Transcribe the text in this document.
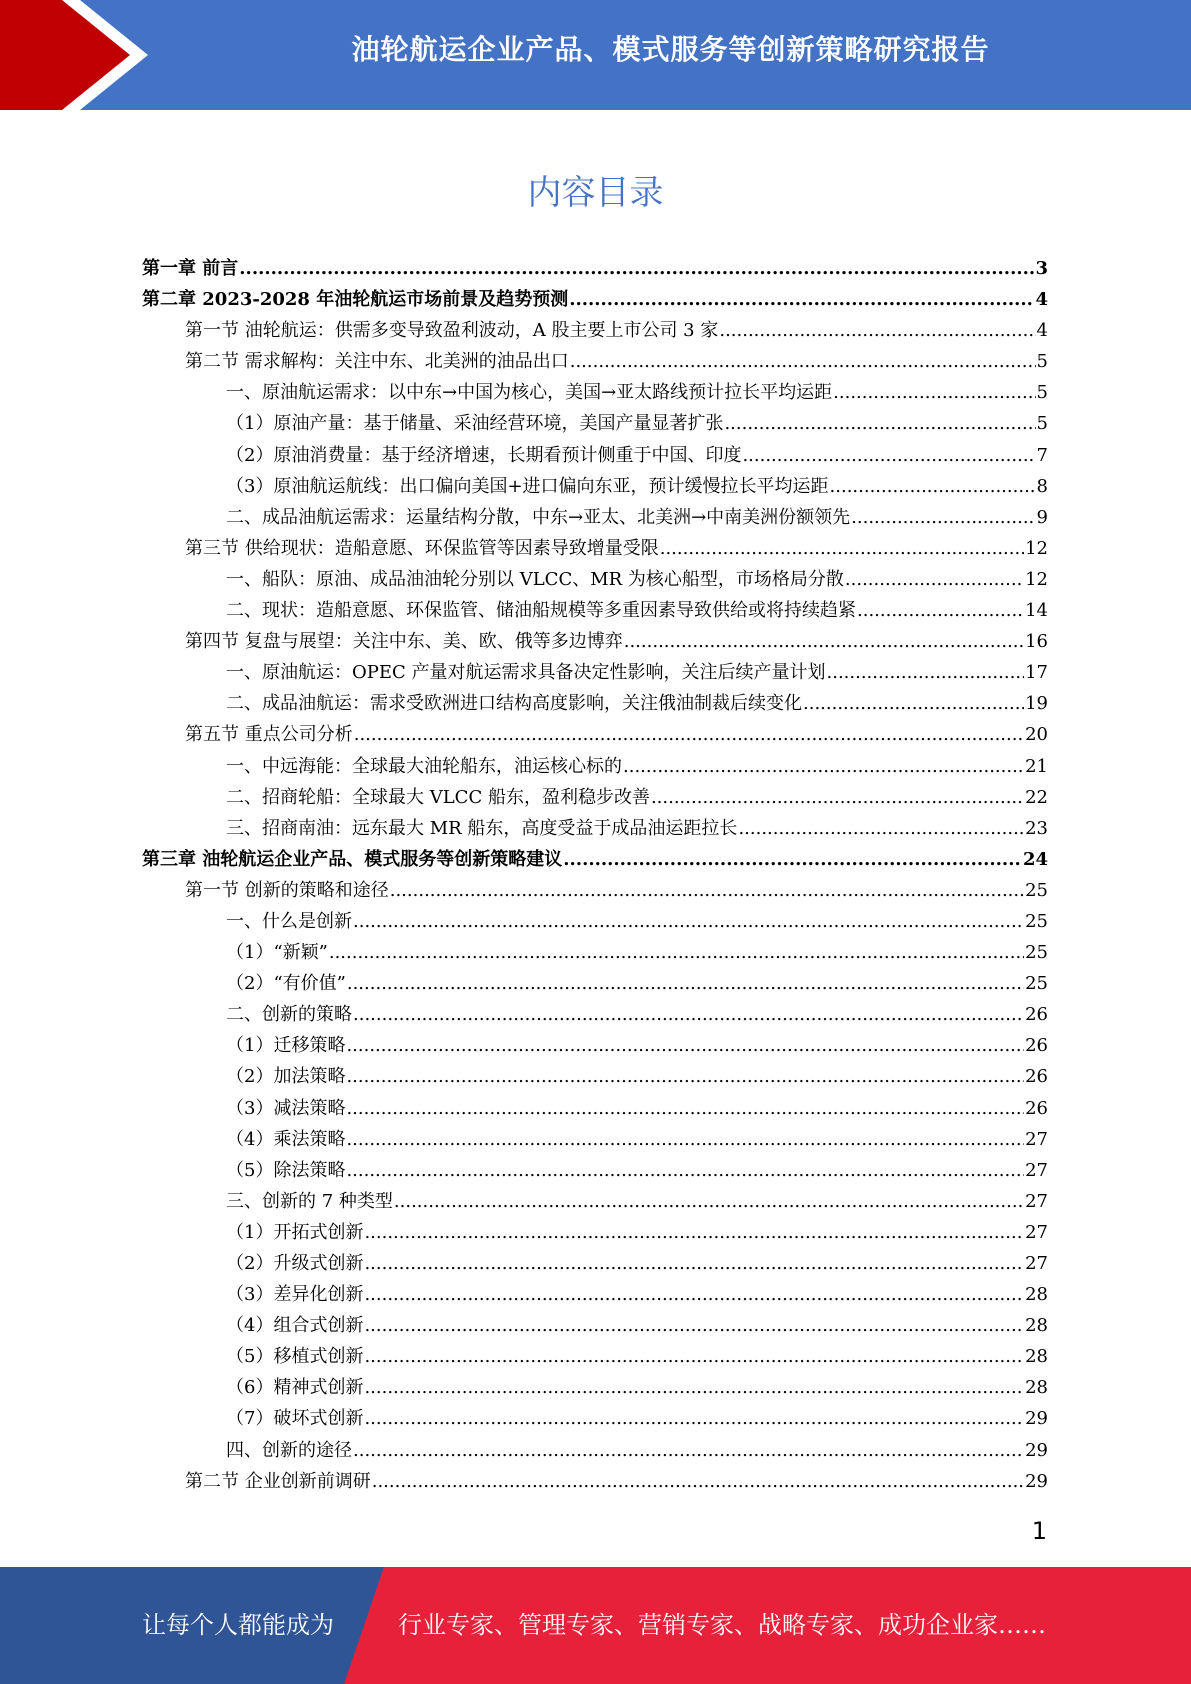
油轮航运企业产品、模式服务等创新策略研究报告
内容目录
第一章 前言 .....	3
第二章 2023-2028 年油轮航运市场前景及趋势预测 .....	4
第一节 油轮航运：供需多变导致盈利波动，A 股主要上市公司 3 家 .....	4
第二节 需求解构：关注中东、北美洲的油品出口 .....	5
一、原油航运需求：以中东→中国为核心，美国→亚太路线预计拉长平均运距 .....	5
（1）原油产量：基于储量、采油经营环境，美国产量显著扩张 .....	5
（2）原油消费量：基于经济增速，长期看预计侧重于中国、印度 .....	7
（3）原油航运航线：出口偏向美国+进口偏向东亚，预计缓慢拉长平均运距 .....	8
二、成品油航运需求：运量结构分散，中东→亚太、北美洲→中南美洲份额领先 .....	9
第三节 供给现状：造船意愿、环保监管等因素导致增量受限 .....	12
一、船队：原油、成品油油轮分别以 VLCC、MR 为核心船型，市场格局分散 .....	12
二、现状：造船意愿、环保监管、储油船规模等多重因素导致供给或将持续趋紧 .....	14
第四节 复盘与展望：关注中东、美、欧、俄等多边博弈 .....	16
一、原油航运：OPEC 产量对航运需求具备决定性影响，关注后续产量计划 .....	17
二、成品油航运：需求受欧洲进口结构高度影响，关注俄油制裁后续变化 .....	19
第五节 重点公司分析 .....	20
一、中远海能：全球最大油轮船东，油运核心标的 .....	21
二、招商轮船：全球最大 VLCC 船东，盈利稳步改善 .....	22
三、招商南油：远东最大 MR 船东，高度受益于成品油运距拉长 .....	23
第三章 油轮航运企业产品、模式服务等创新策略建议 .....	24
第一节 创新的策略和途径 .....	25
一、什么是创新 .....	25
（1）“新颖” .....	25
（2）“有价值” .....	25
二、创新的策略 .....	26
（1）迁移策略 .....	26
（2）加法策略 .....	26
（3）减法策略 .....	26
（4）乘法策略 .....	27
（5）除法策略 .....	27
三、创新的 7 种类型 .....	27
（1）开拓式创新 .....	27
（2）升级式创新 .....	27
（3）差异化创新 .....	28
（4）组合式创新 .....	28
（5）移植式创新 .....	28
（6）精神式创新 .....	28
（7）破坏式创新 .....	29
四、创新的途径 .....	29
第二节 企业创新前调研 .....	29
1
让每个人都能成为	行业专家、管理专家、营销专家、战略专家、成功企业家……
